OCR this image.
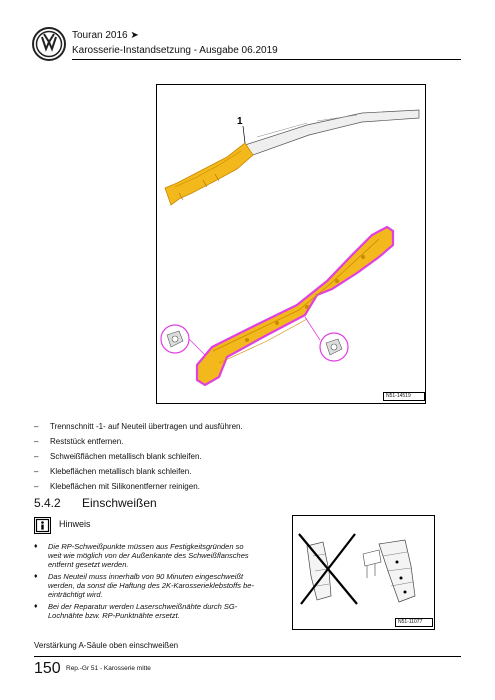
Touran 2016 ➤
Karosserie-Instandsetzung - Ausgabe 06.2019
1
N51-14519
– Trennschnitt -1- auf Neuteil übertragen und ausführen.
– Reststück entfernen.
– Schweißflächen metallisch blank schleifen.
– Klebeflächen metallisch blank schleifen.
– Klebeflächen mit Silikonentferner reinigen.
5.4.2 Einschweißen
Hinweis
♦ Die RP-Schweißpunkte müssen aus Festigkeitsgründen so
weit wie möglich von der Außenkante des Schweißflansches
entfernt gesetzt werden.
♦ Das Neuteil muss innerhalb von 90 Minuten eingeschweißt
werden, da sonst die Haftung des 2K-Karosserieklebstoffs be-
einträchtigt wird.
♦ Bei der Reparatur werden Laserschweißnähte durch SG-
Lochnähte bzw. RP-Punktnähte ersetzt.
N51-11077
Verstärkung A-Säule oben einschweißen
150 Rep.-Gr 51 - Karosserie mitte
